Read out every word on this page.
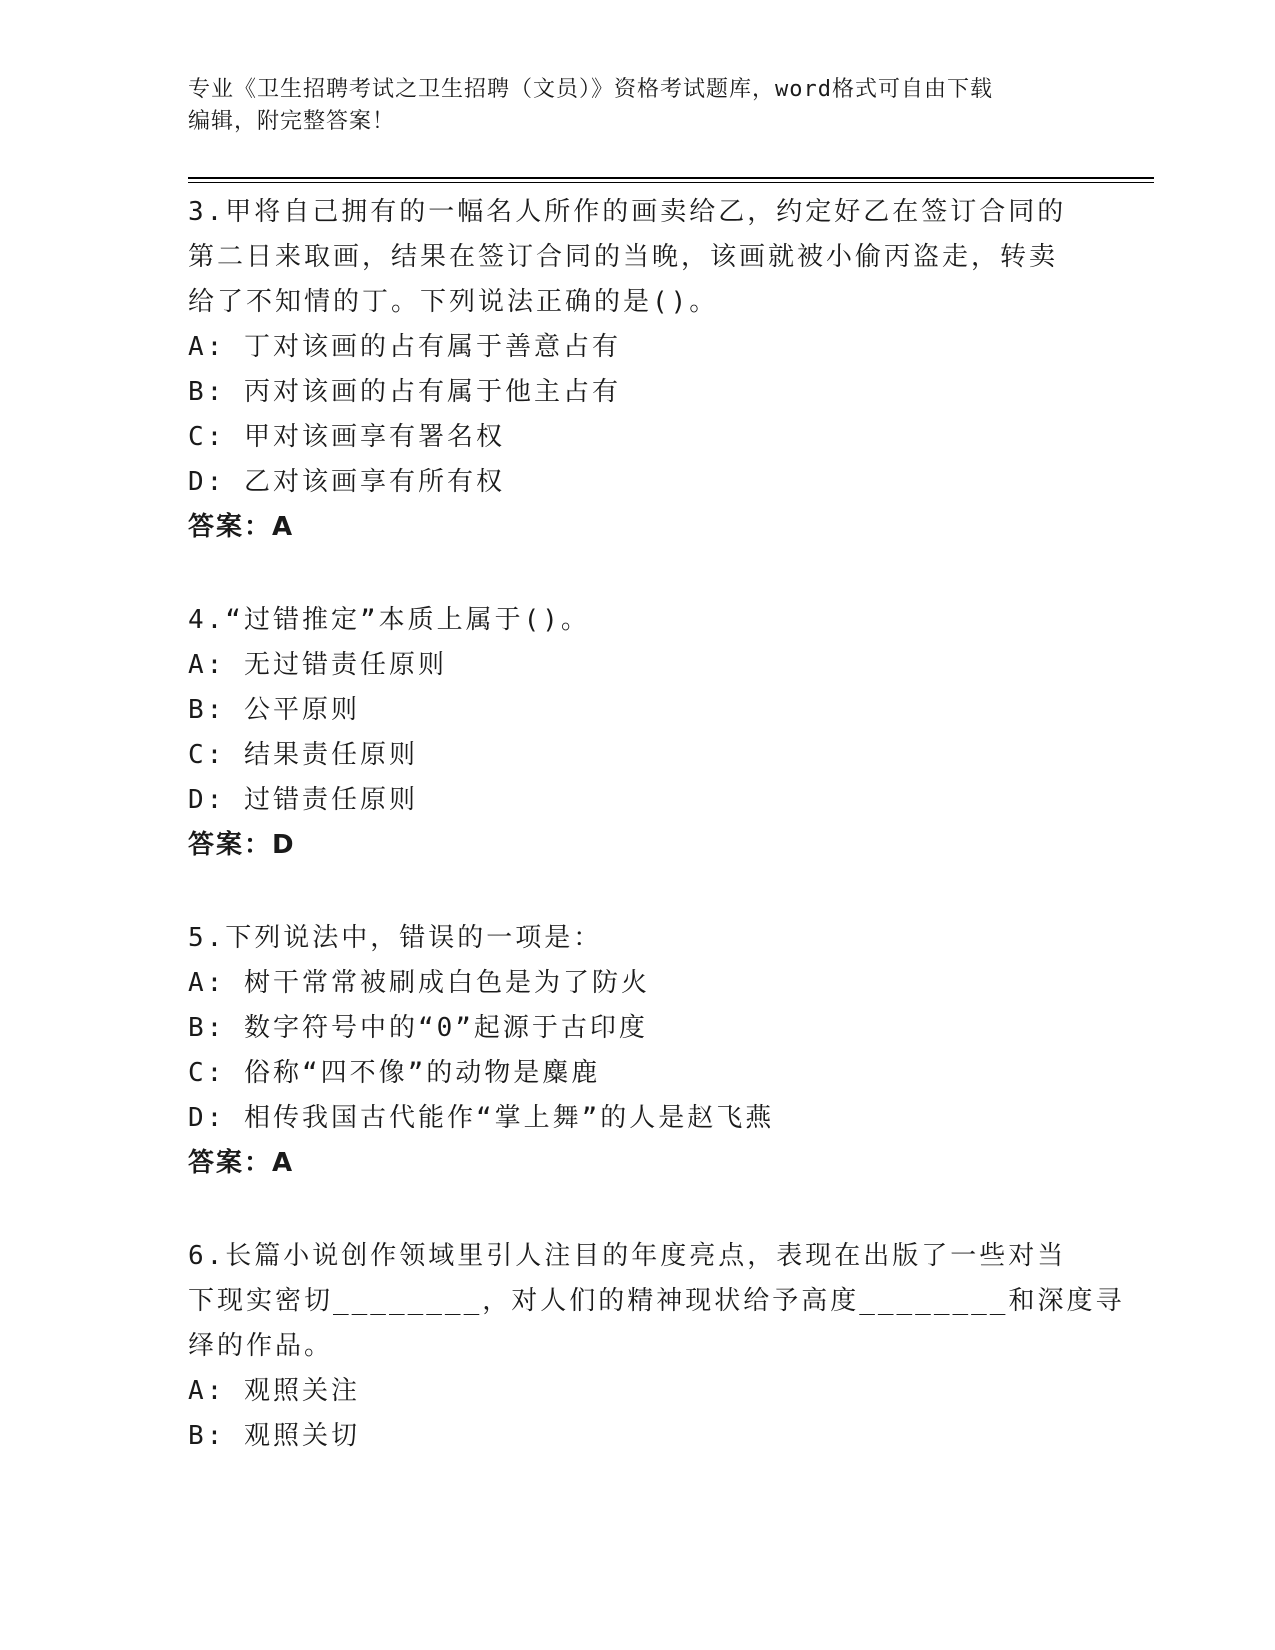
专业《卫生招聘考试之卫生招聘（文员）》资格考试题库，word格式可自由下载
编辑，附完整答案！
3.甲将自己拥有的一幅名人所作的画卖给乙，约定好乙在签订合同的
第二日来取画，结果在签订合同的当晚，该画就被小偷丙盗走，转卖
给了不知情的丁。下列说法正确的是()。
A: 丁对该画的占有属于善意占有
B: 丙对该画的占有属于他主占有
C: 甲对该画享有署名权
D: 乙对该画享有所有权
答案：A
4.“过错推定”本质上属于()。
A: 无过错责任原则
B: 公平原则
C: 结果责任原则
D: 过错责任原则
答案：D
5.下列说法中，错误的一项是：
A: 树干常常被刷成白色是为了防火
B: 数字符号中的“0”起源于古印度
C: 俗称“四不像”的动物是麋鹿
D: 相传我国古代能作“掌上舞”的人是赵飞燕
答案：A
6.长篇小说创作领域里引人注目的年度亮点，表现在出版了一些对当
下现实密切________，对人们的精神现状给予高度________和深度寻
绎的作品。
A: 观照关注
B: 观照关切
